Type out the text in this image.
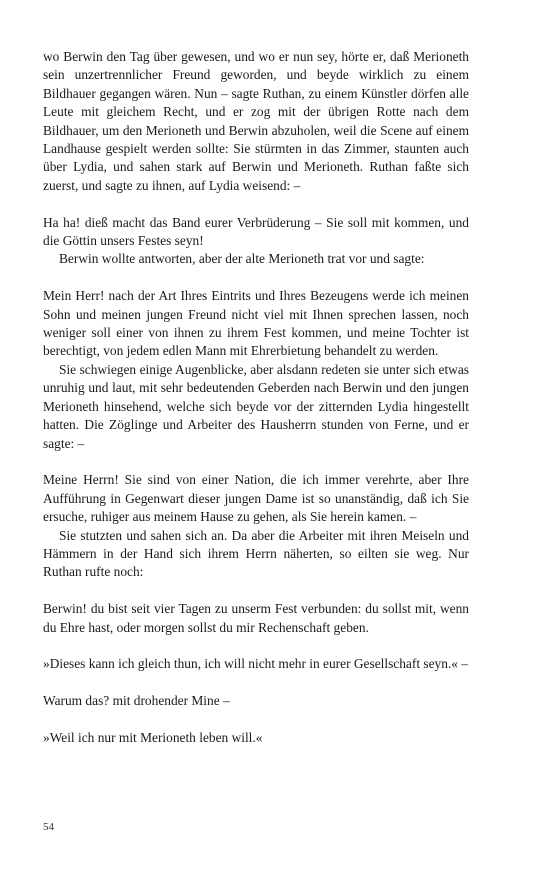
wo Berwin den Tag über gewesen, und wo er nun sey, hörte er, daß Merioneth sein unzertrennlicher Freund geworden, und beyde wirklich zu einem Bildhauer gegangen wären. Nun – sagte Ruthan, zu einem Künstler dörfen alle Leute mit gleichem Recht, und er zog mit der übrigen Rotte nach dem Bildhauer, um den Merioneth und Berwin abzuholen, weil die Scene auf einem Landhause gespielt werden sollte: Sie stürmten in das Zimmer, staunten auch über Lydia, und sahen stark auf Berwin und Merioneth. Ruthan faßte sich zuerst, und sagte zu ihnen, auf Lydia weisend: –

Ha ha! dieß macht das Band eurer Verbrüderung – Sie soll mit kommen, und die Göttin unsers Festes seyn!

Berwin wollte antworten, aber der alte Merioneth trat vor und sagte:

Mein Herr! nach der Art Ihres Eintrits und Ihres Bezeugens werde ich meinen Sohn und meinen jungen Freund nicht viel mit Ihnen sprechen lassen, noch weniger soll einer von ihnen zu ihrem Fest kommen, und meine Tochter ist berechtigt, von jedem edlen Mann mit Ehrerbietung behandelt zu werden.

Sie schwiegen einige Augenblicke, aber alsdann redeten sie unter sich etwas unruhig und laut, mit sehr bedeutenden Geberden nach Berwin und den jungen Merioneth hinsehend, welche sich beyde vor der zitternden Lydia hingestellt hatten. Die Zöglinge und Arbeiter des Hausherrn stunden von Ferne, und er sagte: –

Meine Herrn! Sie sind von einer Nation, die ich immer verehrte, aber Ihre Aufführung in Gegenwart dieser jungen Dame ist so unanständig, daß ich Sie ersuche, ruhiger aus meinem Hause zu gehen, als Sie herein kamen. –

Sie stutzten und sahen sich an. Da aber die Arbeiter mit ihren Meiseln und Hämmern in der Hand sich ihrem Herrn näherten, so eilten sie weg. Nur Ruthan rufte noch:

Berwin! du bist seit vier Tagen zu unserm Fest verbunden: du sollst mit, wenn du Ehre hast, oder morgen sollst du mir Rechenschaft geben.

»Dieses kann ich gleich thun, ich will nicht mehr in eurer Gesellschaft seyn.« –

Warum das? mit drohender Mine –

»Weil ich nur mit Merioneth leben will.«

54
